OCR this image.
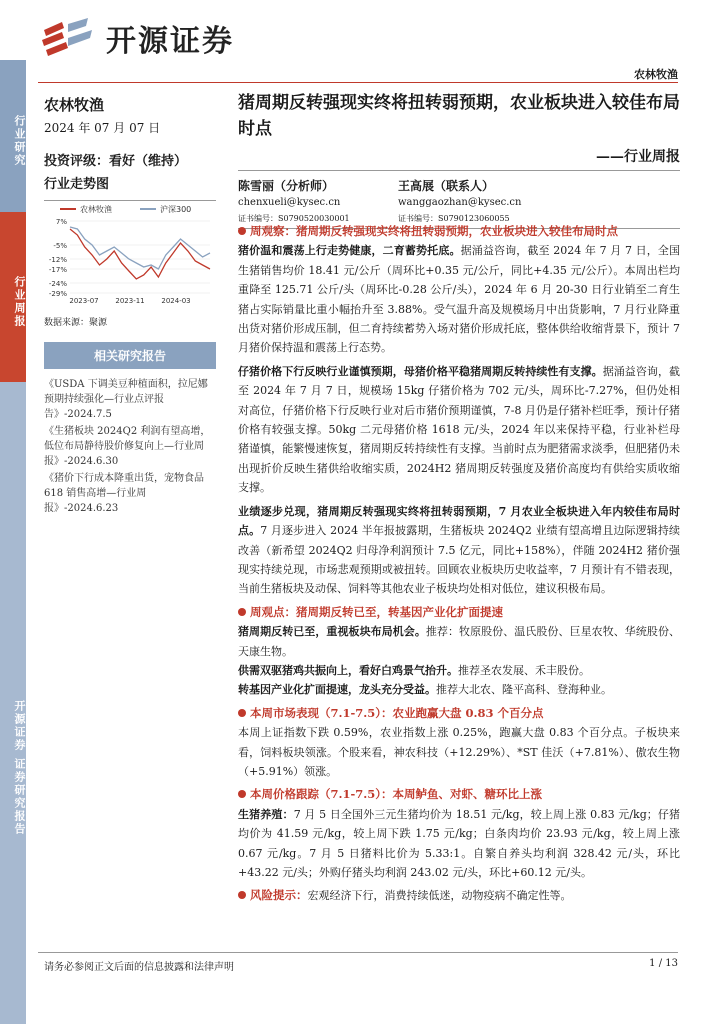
开源证券
农林牧渔
行业研究
行业周报
开源证券 证券研究报告
农林牧渔
2024 年 07 月 07 日
投资评级：看好（维持）
行业走势图
农林牧渔	沪深300
7%
-5%
-12%
-17%
-24%
-29%
2023-07 2023-11 2024-03
数据来源：聚源
相关研究报告
《USDA 下调美豆种植面积，拉尼娜预期持续强化—行业点评报告》-2024.7.5
《生猪板块 2024Q2 利润有望高增，低位布局静待股价修复向上—行业周报》-2024.6.30
《猪价下行成本降重出货，宠物食品 618 销售高增—行业周报》-2024.6.23
猪周期反转强现实终将扭转弱预期，农业板块进入较佳布局时点
——行业周报
陈雪丽（分析师）
chenxueli@kysec.cn
证书编号：S0790520030001
王高展（联系人）
wanggaozhan@kysec.cn
证书编号：S0790123060055
周观察：猪周期反转强现实终将扭转弱预期，农业板块进入较佳布局时点

猪价温和震荡上行走势健康，二育蓄势托底。据涌益咨询，截至 2024 年 7 月 7 日，全国生猪销售均价 18.41 元/公斤（周环比+0.35 元/公斤，同比+4.35 元/公斤）。本周出栏均重降至 125.71 公斤/头（周环比-0.28 公斤/头），2024 年 6 月 20-30 日行业销至二育生猪占实际销量比重小幅抬升至 3.88%。受气温升高及规模场月中出货影响，7 月行业降重出货对猪价形成压制，但二育持续蓄势入场对猪价形成托底，整体供给收缩背景下，预计 7 月猪价保持温和震荡上行态势。

仔猪价格下行反映行业谨慎预期，母猪价格平稳猪周期反转持续性有支撑。据涌益咨询，截至 2024 年 7 月 7 日，规模场 15kg 仔猪价格为 702 元/头，周环比-7.27%，但仍处相对高位，仔猪价格下行反映行业对后市猪价预期谨慎，7-8 月仍是仔猪补栏旺季，预计仔猪价格有较强支撑。50kg 二元母猪价格 1618 元/头，2024 年以来保持平稳，行业补栏母猪谨慎，能繁慢速恢复，猪周期反转持续性有支撑。当前时点为肥猪需求淡季，但肥猪仍未出现折价反映生猪供给收缩实质，2024H2 猪周期反转强度及猪价高度均有供给实质收缩支撑。

业绩逐步兑现，猪周期反转强现实终将扭转弱预期，7 月农业全板块进入年内较佳布局时点。7 月逐步进入 2024 半年报披露期，生猪板块 2024Q2 业绩有望高增且边际逻辑持续改善（新希望 2024Q2 归母净利润预计 7.5 亿元，同比+158%），伴随 2024H2 猪价强现实持续兑现，市场悲观预期或被扭转。回顾农业板块历史收益率，7 月预计有不错表现，当前生猪板块及动保、饲料等其他农业子板块均处相对低位，建议积极布局。

周观点：猪周期反转已至，转基因产业化扩面提速

猪周期反转已至，重视板块布局机会。推荐：牧原股份、温氏股份、巨星农牧、华统股份、天康生物。

供需双驱猪鸡共振向上，看好白鸡景气抬升。推荐圣农发展、禾丰股份。

转基因产业化扩面提速，龙头充分受益。推荐大北农、隆平高科、登海种业。

本周市场表现（7.1-7.5）：农业跑赢大盘 0.83 个百分点

本周上证指数下跌 0.59%，农业指数上涨 0.25%，跑赢大盘 0.83 个百分点。子板块来看，饲料板块领涨。个股来看，神农科技（+12.29%）、*ST 佳沃（+7.81%）、傲农生物（+5.91%）领涨。

本周价格跟踪（7.1-7.5）：本周鲈鱼、对虾、糖环比上涨

生猪养殖：7 月 5 日全国外三元生猪均价为 18.51 元/kg，较上周上涨 0.83 元/kg；仔猪均价为 41.59 元/kg，较上周下跌 1.75 元/kg；白条肉均价 23.93 元/kg，较上周上涨 0.67 元/kg。7 月 5 日猪料比价为 5.33:1。自繁自养头均利润 328.42 元/头，环比+43.22 元/头；外购仔猪头均利润 243.02 元/头，环比+60.12 元/头。

风险提示：宏观经济下行，消费持续低迷，动物疫病不确定性等。
请务必参阅正文后面的信息披露和法律声明	1 / 13
